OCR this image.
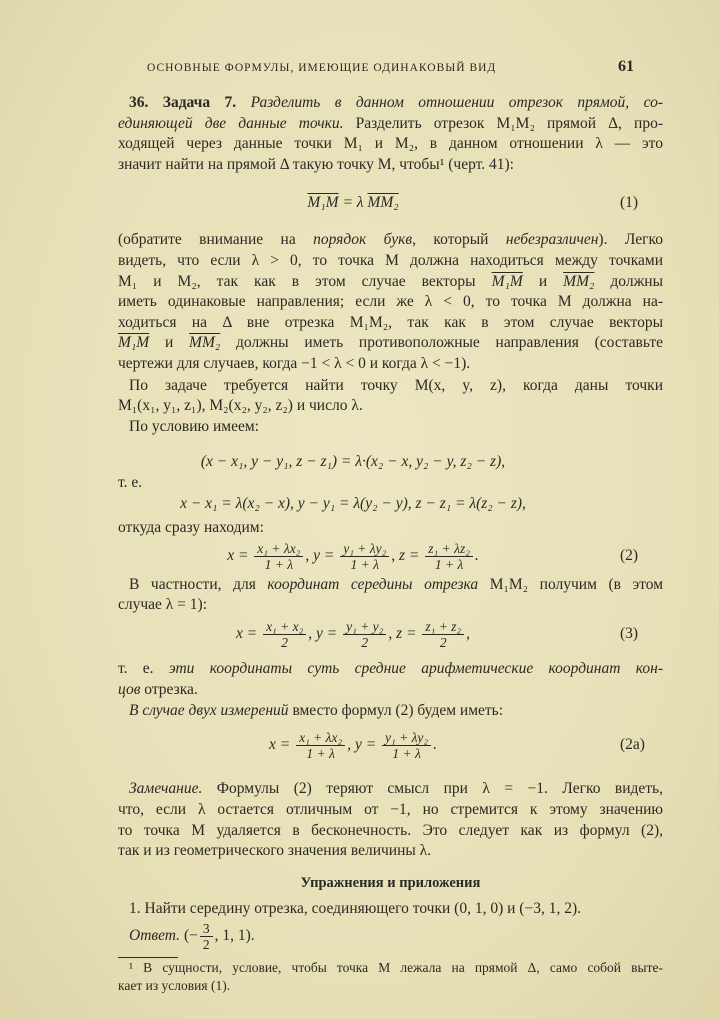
ОСНОВНЫЕ ФОРМУЛЫ, ИМЕЮЩИЕ ОДИНАКОВЫЙ ВИД	61
36. Задача 7. Разделить в данном отношении отрезок прямой, со-
единяющей две данные точки. Разделить отрезок M₁M₂ прямой Δ, про-
ходящей через данные точки M₁ и M₂, в данном отношении λ — это
значит найти на прямой Δ такую точку M, чтобы¹ (черт. 41):
M₁M = λ MM₂	(1)
(обратите внимание на порядок букв, который небезразличен). Легко
видеть, что если λ > 0, то точка M должна находиться между точками
M₁ и M₂, так как в этом случае векторы M₁M и MM₂ должны
иметь одинаковые направления; если же λ < 0, то точка M должна на-
ходиться на Δ вне отрезка M₁M₂, так как в этом случае векторы
M₁M и MM₂ должны иметь противоположные направления (составьте
чертежи для случаев, когда −1 < λ < 0 и когда λ < −1).
По задаче требуется найти точку M(x, y, z), когда даны точки
M₁(x₁, y₁, z₁), M₂(x₂, y₂, z₂) и число λ.
По условию имеем:
(x − x₁, y − y₁, z − z₁) = λ·(x₂ − x, y₂ − y, z₂ − z),
т. е.
x − x₁ = λ(x₂ − x), y − y₁ = λ(y₂ − y), z − z₁ = λ(z₂ − z),
откуда сразу находим:
$x = \frac{\text{x₁ + λx₂}}{1 + \lambda}$ , $y = \frac{\text{y₁ + λy₂}}{1 + \lambda}$ , $z = \frac{\text{z₁ + λz₂}}{1 + \lambda}$ .	(2)
В частности, для координат середины отрезка M₁M₂ получим (в этом
случае λ = 1):
$x = \frac{\text{x₁ + x₂}}{2}$ , $y = \frac{\text{y₁ + y₂}}{2}$ , $z = \frac{\text{z₁ + z₂}}{2}$ ,	(3)
т. е. эти координаты суть средние арифметические координат кон-
цов отрезка.
В случае двух измерений вместо формул (2) будем иметь:
$x = \frac{\text{x₁ + λx₂}}{1 + \lambda}$ , $y = \frac{\text{y₁ + λy₂}}{1 + \lambda}$ .	(2а)
Замечание. Формулы (2) теряют смысл при λ = −1. Легко видеть,
что, если λ остается отличным от −1, но стремится к этому значению
то точка M удаляется в бесконечность. Это следует как из формул (2),
так и из геометрического значения величины λ.
Упражнения и приложения
1. Найти середину отрезка, соединяющего точки (0, 1, 0) и (−3, 1, 2).
Ответ. (− $\frac{3}{2}$ , 1, 1).
¹ В сущности, условие, чтобы точка M лежала на прямой Δ, само собой выте-
кает из условия (1).
